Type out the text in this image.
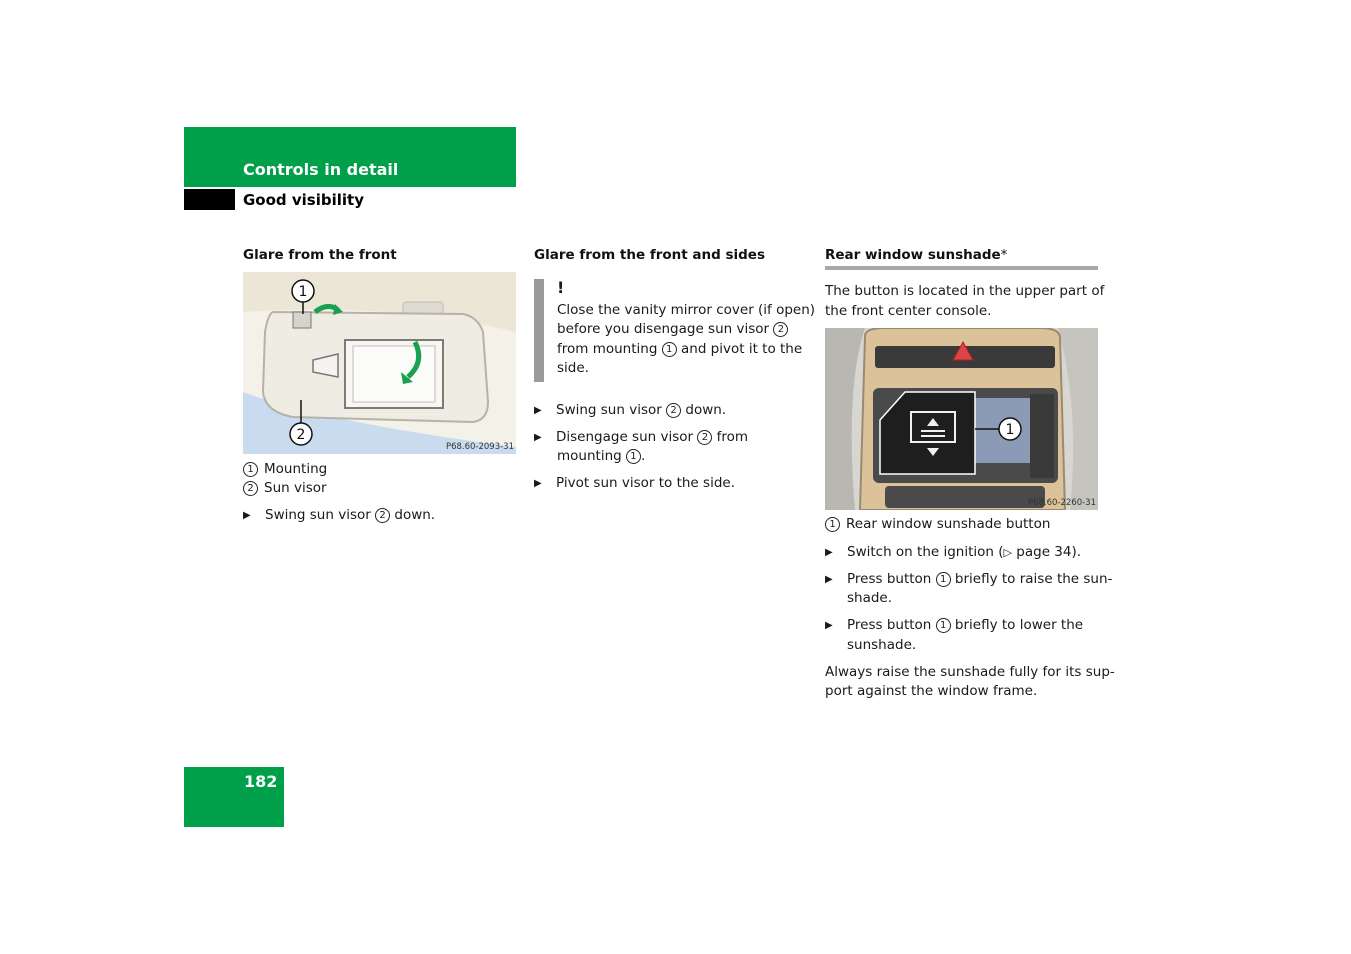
Controls in detail
Good visibility
Glare from the front
1
2
P68.60-2093-31
1 Mounting
2 Sun visor
▶ Swing sun visor 2 down.
Glare from the front and sides
!
Close the vanity mirror cover (if open)
before you disengage sun visor 2
from mounting 1 and pivot it to the
side.
▶ Swing sun visor 2 down.
▶ Disengage sun visor 2 from
mounting 1 .
▶ Pivot sun visor to the side.
Rear window sunshade*
The button is located in the upper part of
the front center console.
1
P68.60-2260-31
1 Rear window sunshade button
▶ Switch on the ignition (▷ page 34).
▶ Press button 1 briefly to raise the sun-
shade.
▶ Press button 1 briefly to lower the
sunshade.
Always raise the sunshade fully for its sup-
port against the window frame.
182
